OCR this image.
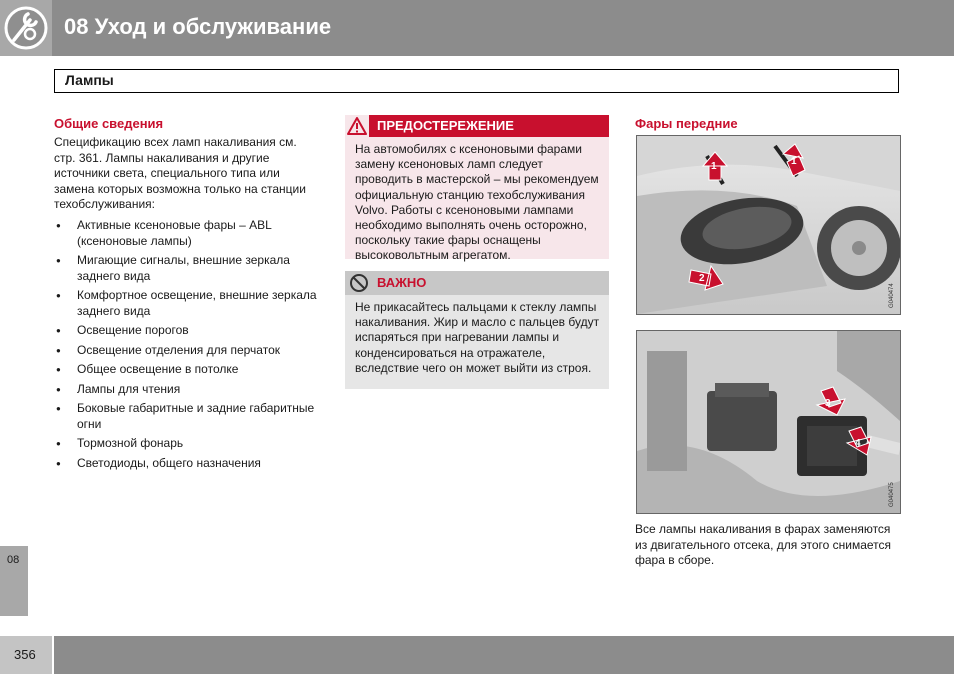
08 Уход и обслуживание
Лампы
Общие сведения
Спецификацию всех ламп накаливания см. стр. 361. Лампы накаливания и другие источники света, специального типа или замена которых возможна только на станции техобслуживания:
● Активные ксеноновые фары – ABL (ксеноновые лампы)
● Мигающие сигналы, внешние зеркала заднего вида
● Комфортное освещение, внешние зеркала заднего вида
● Освещение порогов
● Освещение отделения для перчаток
● Общее освещение в потолке
● Лампы для чтения
● Боковые габаритные и задние габаритные огни
● Тормозной фонарь
● Светодиоды, общего назначения
ПРЕДОСТЕРЕЖЕНИЕ
На автомобилях с ксеноновыми фарами замену ксеноновых ламп следует проводить в мастерской – мы рекомендуем официальную станцию техобслуживания Volvo. Работы с ксеноновыми лампами необходимо выполнять очень осторожно, поскольку такие фары оснащены высоковольтным агрегатом.
ВАЖНО
Не прикасайтесь пальцами к стеклу лампы накаливания. Жир и масло с пальцев будут испаряться при нагревании лампы и конденсироваться на отражателе, вследствие чего он может выйти из строя.
Фары передние
1	1
2
G040474
3
4
G040475
Все лампы накаливания в фарах заменяются из двигательного отсека, для этого снимается фара в сборе.
08
356
